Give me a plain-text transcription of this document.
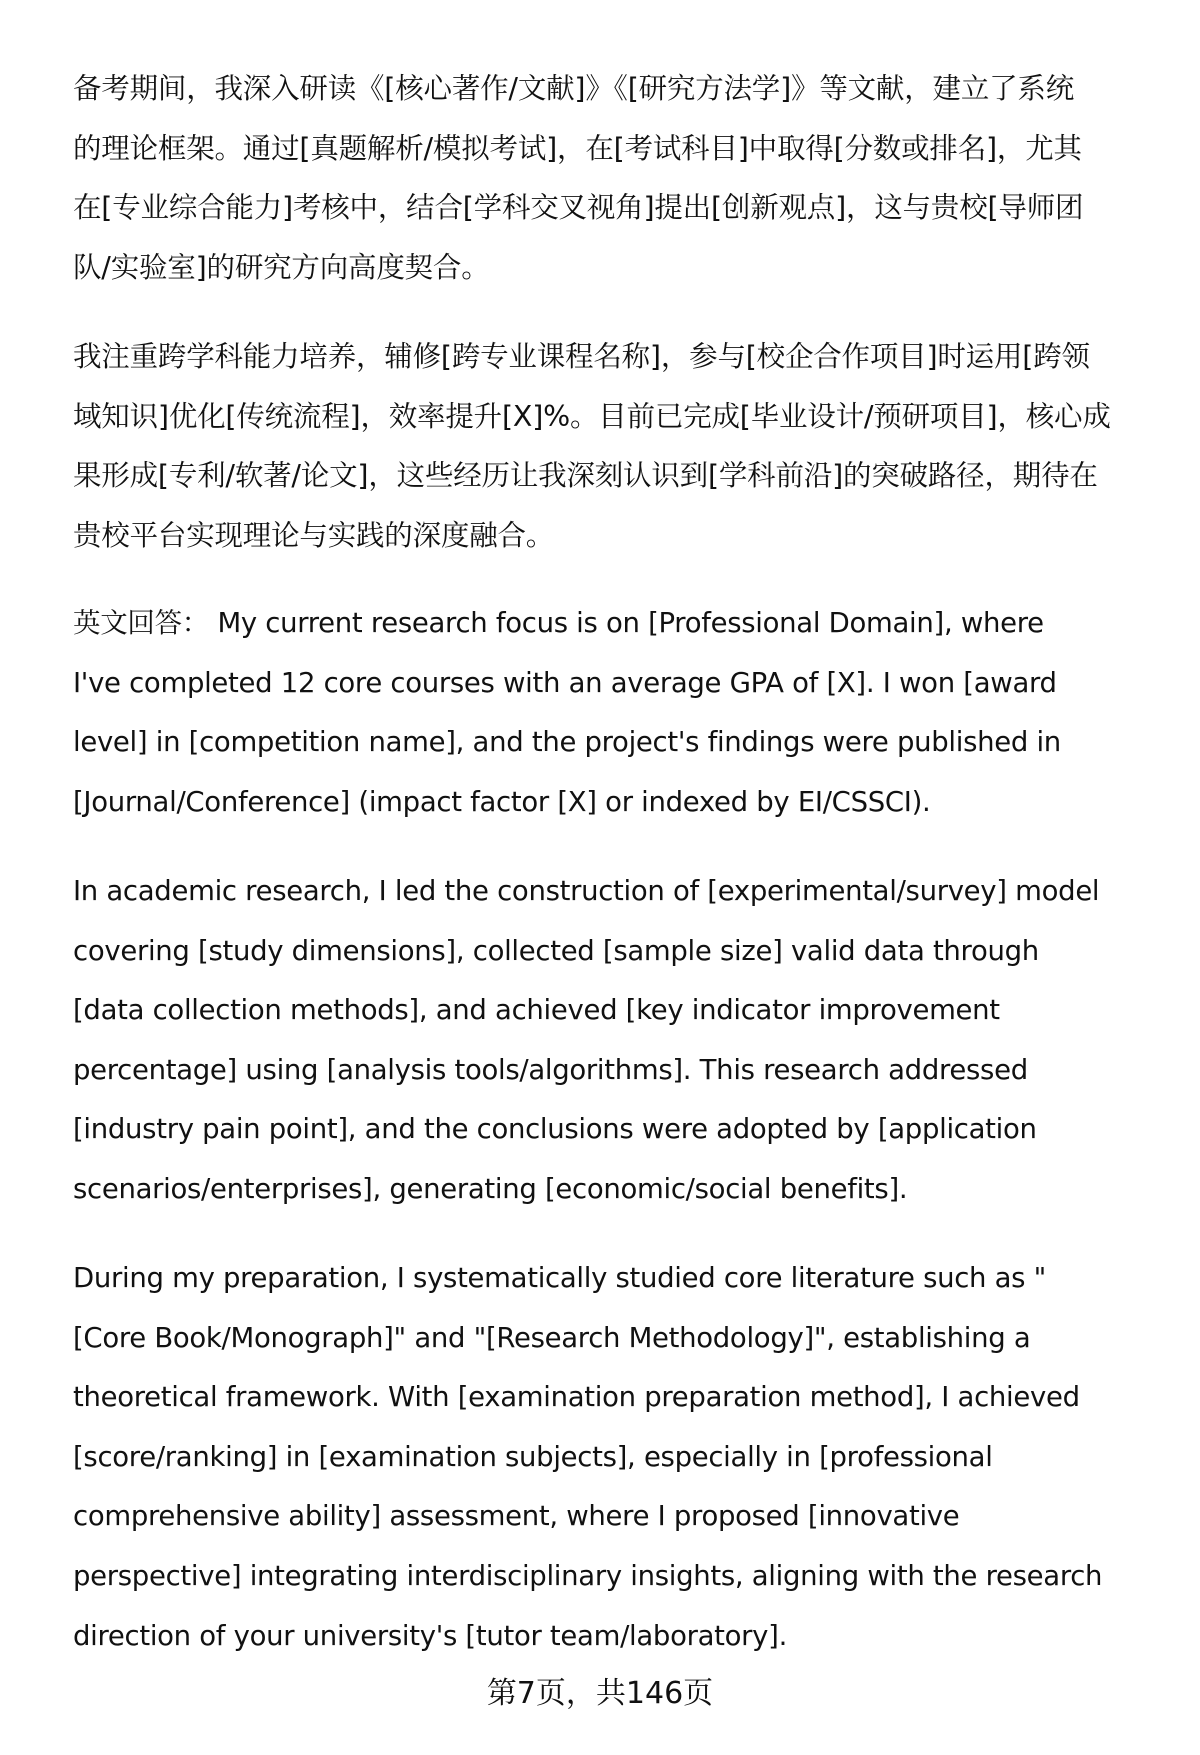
备考期间，我深入研读《[核心著作/文献]》《[研究方法学]》等文献，建立了系统
的理论框架。通过[真题解析/模拟考试]，在[考试科目]中取得[分数或排名]，尤其
在[专业综合能力]考核中，结合[学科交叉视角]提出[创新观点]，这与贵校[导师团
队/实验室]的研究方向高度契合。
我注重跨学科能力培养，辅修[跨专业课程名称]，参与[校企合作项目]时运用[跨领
域知识]优化[传统流程]，效率提升[X]%。目前已完成[毕业设计/预研项目]，核心成
果形成[专利/软著/论文]，这些经历让我深刻认识到[学科前沿]的突破路径，期待在
贵校平台实现理论与实践的深度融合。
英文回答： My current research focus is on [Professional Domain], where
I've completed 12 core courses with an average GPA of [X]. I won [award
level] in [competition name], and the project's findings were published in
[Journal/Conference] (impact factor [X] or indexed by EI/CSSCI).
In academic research, I led the construction of [experimental/survey] model
covering [study dimensions], collected [sample size] valid data through
[data collection methods], and achieved [key indicator improvement
percentage] using [analysis tools/algorithms]. This research addressed
[industry pain point], and the conclusions were adopted by [application
scenarios/enterprises], generating [economic/social benefits].
During my preparation, I systematically studied core literature such as "
[Core Book/Monograph]" and "[Research Methodology]", establishing a
theoretical framework. With [examination preparation method], I achieved
[score/ranking] in [examination subjects], especially in [professional
comprehensive ability] assessment, where I proposed [innovative
perspective] integrating interdisciplinary insights, aligning with the research
direction of your university's [tutor team/laboratory].
第7页，共146页
